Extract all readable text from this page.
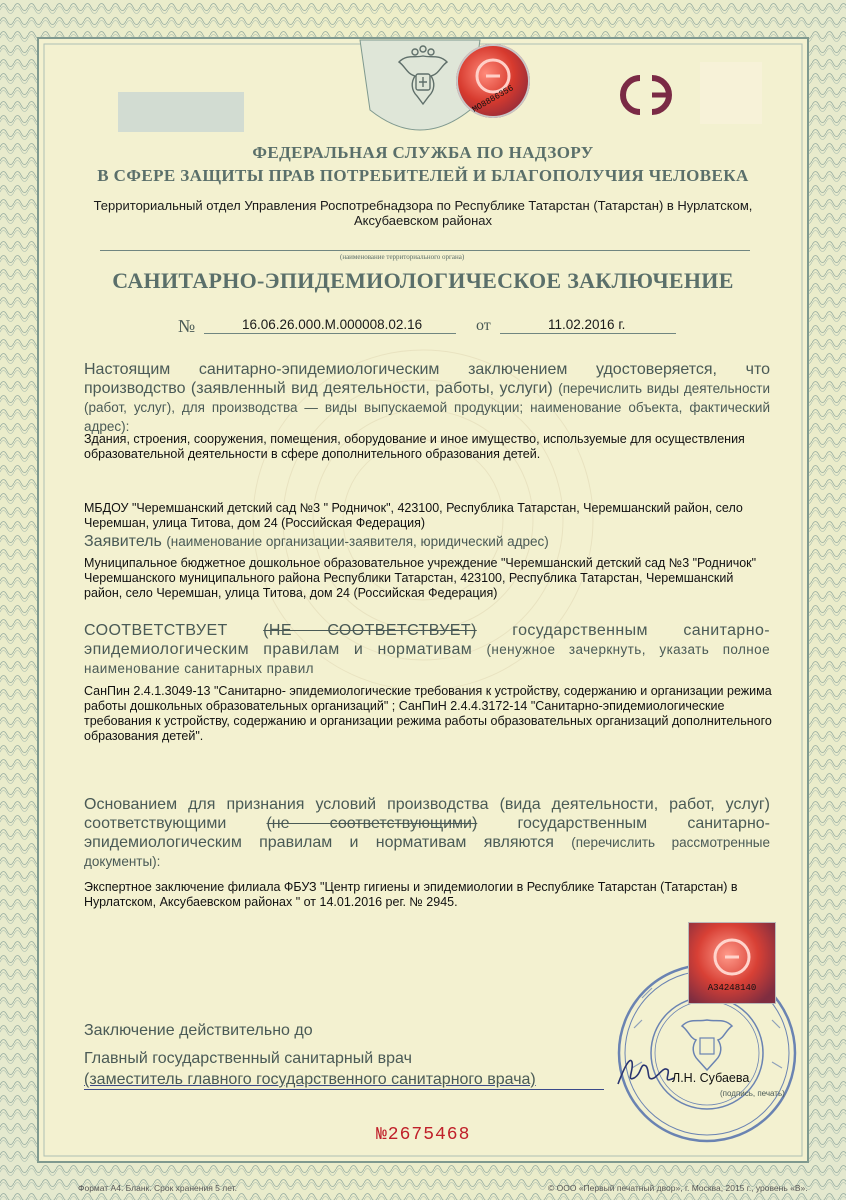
МО8886356
ФЕДЕРАЛЬНАЯ СЛУЖБА ПО НАДЗОРУ
В СФЕРЕ ЗАЩИТЫ ПРАВ ПОТРЕБИТЕЛЕЙ И БЛАГОПОЛУЧИЯ ЧЕЛОВЕКА
Территориальный отдел Управления Роспотребнадзора по Республике Татарстан (Татарстан) в Нурлатском, Аксубаевском районах
(наименование территориального органа)
САНИТАРНО-ЭПИДЕМИОЛОГИЧЕСКОЕ ЗАКЛЮЧЕНИЕ
№	16.06.26.000.М.000008.02.16	от	11.02.2016 г.
Настоящим санитарно-эпидемиологическим заключением удостоверяется, что производство (заявленный вид деятельности, работы, услуги) (перечислить виды деятельности (работ, услуг), для производства — виды выпускаемой продукции; наименование объекта, фактический адрес):
Здания, строения, сооружения, помещения, оборудование и иное имущество, используемые для осуществления образовательной деятельности в сфере дополнительного образования детей.
МБДОУ "Черемшанский детский сад №3 " Родничок", 423100, Республика Татарстан, Черемшанский район, село Черемшан, улица Титова, дом 24 (Российская Федерация)
Заявитель (наименование организации-заявителя, юридический адрес)
Муниципальное бюджетное дошкольное образовательное учреждение "Черемшанский детский сад №3 "Родничок" Черемшанского муниципального района Республики Татарстан, 423100, Республика Татарстан, Черемшанский район, село Черемшан, улица Титова, дом 24 (Российская Федерация)
СООТВЕТСТВУЕТ (НЕ СООТВЕТСТВУЕТ) государственным санитарно-эпидемиологическим правилам и нормативам (ненужное зачеркнуть, указать полное наименование санитарных правил
СанПин 2.4.1.3049-13 "Санитарно- эпидемиологические требования к устройству, содержанию и организации режима работы дошкольных образовательных организаций" ; СанПиН 2.4.4.3172-14 "Санитарно-эпидемиологические требования к устройству, содержанию и организации режима работы образовательных организаций дополнительного образования детей".
Основанием для признания условий производства (вида деятельности, работ, услуг) соответствующими	(не соответствующими)	государственным санитарно-эпидемиологическим правилам и нормативам являются (перечислить рассмотренные документы):
Экспертное заключение филиала ФБУЗ "Центр гигиены и эпидемиологии в Республике Татарстан (Татарстан) в Нурлатском, Аксубаевском районах " от 14.01.2016 рег. № 2945.
Заключение действительно до
Главный государственный санитарный врач
(заместитель главного государственного санитарного врача)
А34248140
Л.Н. Субаева
(подпись, печать)
№2675468
Формат А4. Бланк. Срок хранения 5 лет.	© ООО «Первый печатный двор», г. Москва, 2015 г., уровень «В».
